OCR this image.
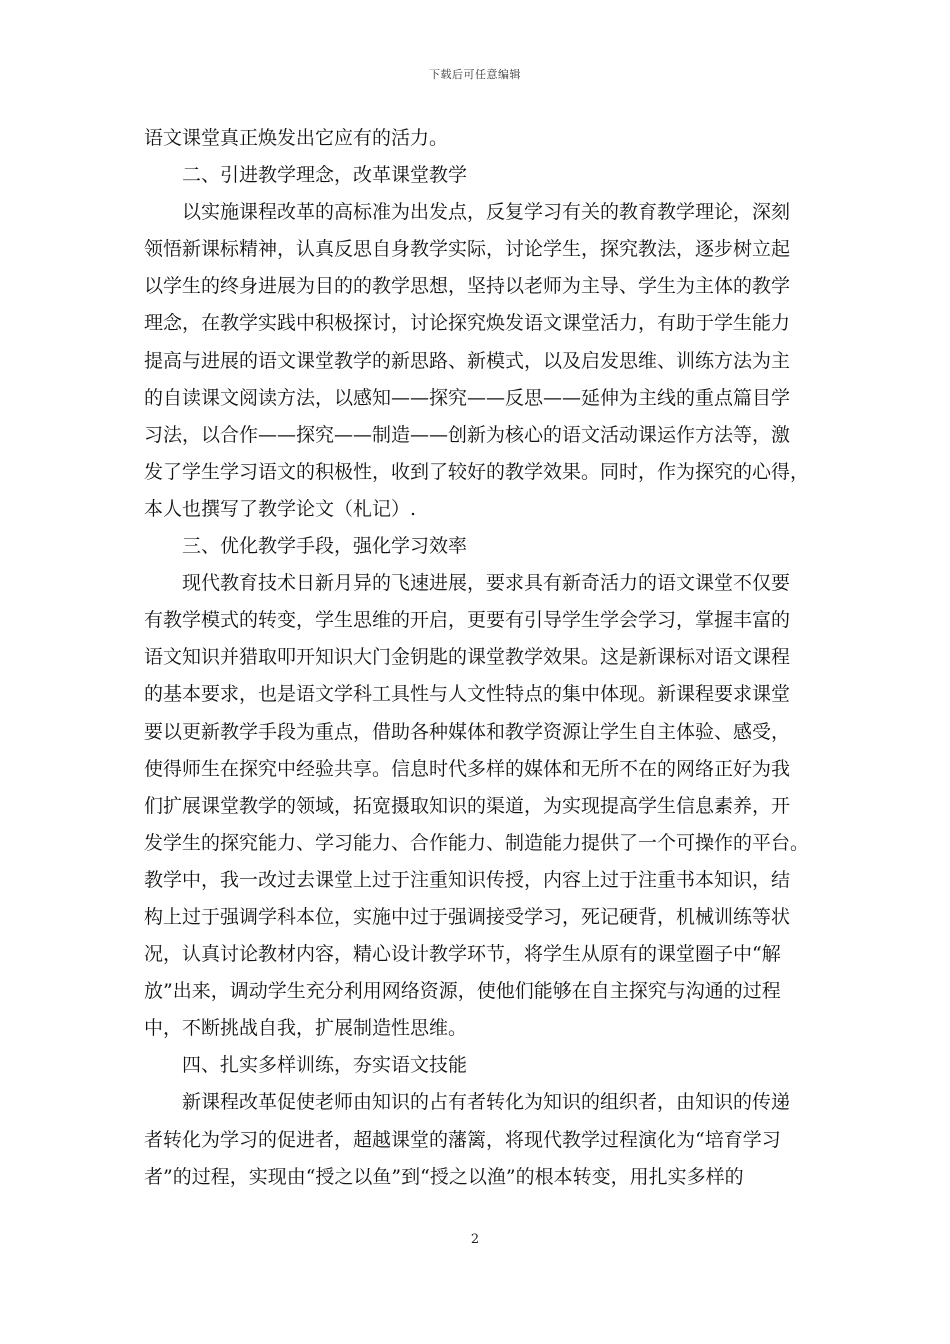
下载后可任意编辑
语文课堂真正焕发出它应有的活力。
二、引进教学理念，改革课堂教学
以实施课程改革的高标准为出发点，反复学习有关的教育教学理论，深刻
领悟新课标精神，认真反思自身教学实际，讨论学生，探究教法，逐步树立起
以学生的终身进展为目的的教学思想，坚持以老师为主导、学生为主体的教学
理念，在教学实践中积极探讨，讨论探究焕发语文课堂活力，有助于学生能力
提高与进展的语文课堂教学的新思路、新模式，以及启发思维、训练方法为主
的自读课文阅读方法，以感知——探究——反思——延伸为主线的重点篇目学
习法，以合作——探究——制造——创新为核心的语文活动课运作方法等，激
发了学生学习语文的积极性，收到了较好的教学效果。同时，作为探究的心得，
本人也撰写了教学论文（札记）.
三、优化教学手段，强化学习效率
现代教育技术日新月异的飞速进展，要求具有新奇活力的语文课堂不仅要
有教学模式的转变，学生思维的开启，更要有引导学生学会学习，掌握丰富的
语文知识并猎取叩开知识大门金钥匙的课堂教学效果。这是新课标对语文课程
的基本要求，也是语文学科工具性与人文性特点的集中体现。新课程要求课堂
要以更新教学手段为重点，借助各种媒体和教学资源让学生自主体验、感受，
使得师生在探究中经验共享。信息时代多样的媒体和无所不在的网络正好为我
们扩展课堂教学的领域，拓宽摄取知识的渠道，为实现提高学生信息素养，开
发学生的探究能力、学习能力、合作能力、制造能力提供了一个可操作的平台。
教学中，我一改过去课堂上过于注重知识传授，内容上过于注重书本知识，结
构上过于强调学科本位，实施中过于强调接受学习，死记硬背，机械训练等状
况，认真讨论教材内容，精心设计教学环节，将学生从原有的课堂圈子中“解
放”出来，调动学生充分利用网络资源，使他们能够在自主探究与沟通的过程
中，不断挑战自我，扩展制造性思维。
四、扎实多样训练，夯实语文技能
新课程改革促使老师由知识的占有者转化为知识的组织者，由知识的传递
者转化为学习的促进者，超越课堂的藩篱，将现代教学过程演化为“培育学习
者”的过程，实现由“授之以鱼”到“授之以渔”的根本转变，用扎实多样的
2
